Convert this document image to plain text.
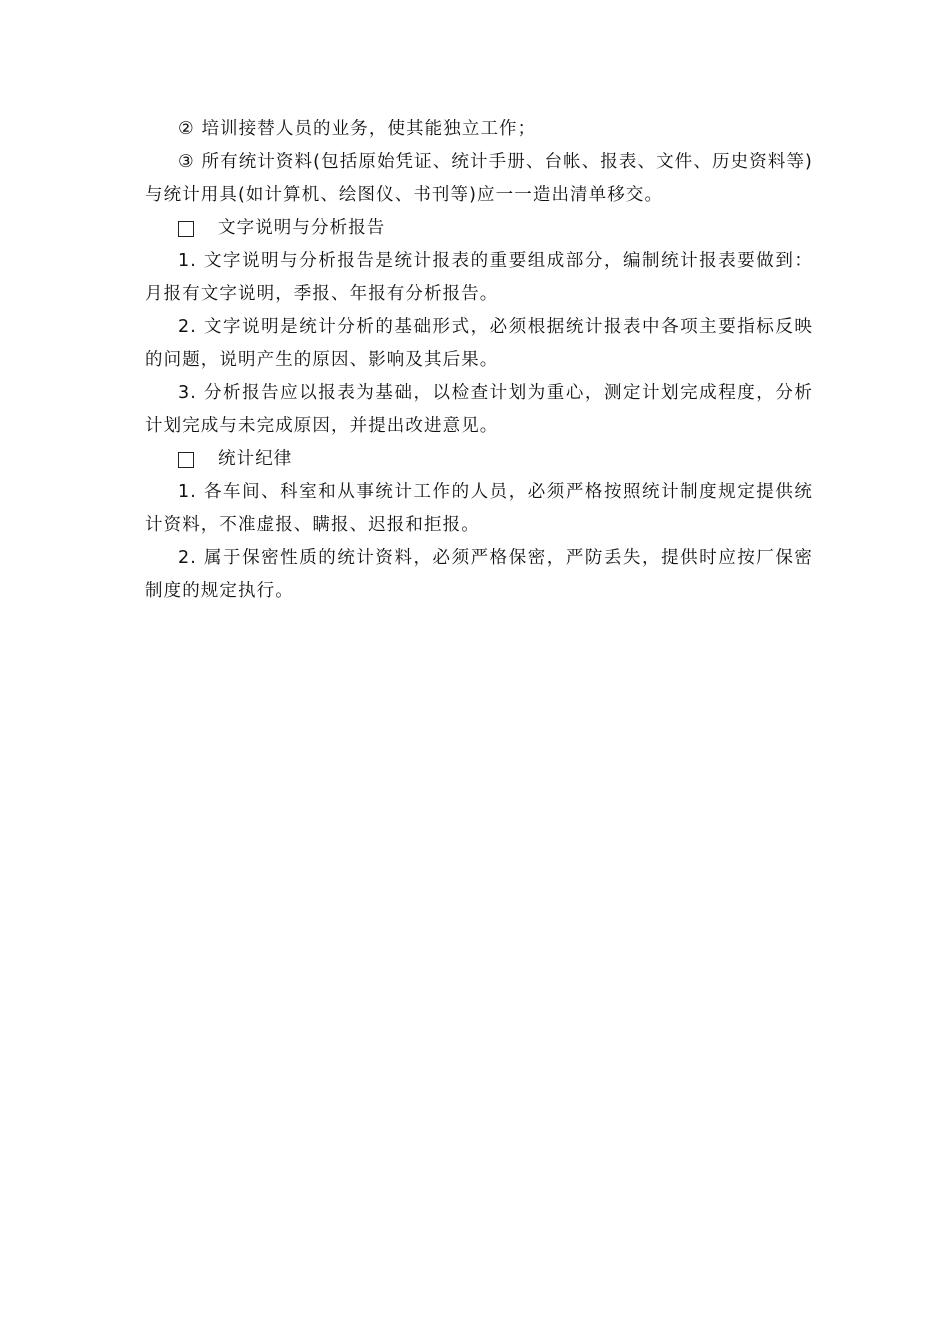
② 培训接替人员的业务，使其能独立工作；

③ 所有统计资料(包括原始凭证、统计手册、台帐、报表、文件、历史资料等)与统计用具(如计算机、绘图仪、书刊等)应一一造出清单移交。

文字说明与分析报告

1. 文字说明与分析报告是统计报表的重要组成部分，编制统计报表要做到：月报有文字说明，季报、年报有分析报告。

2. 文字说明是统计分析的基础形式，必须根据统计报表中各项主要指标反映的问题，说明产生的原因、影响及其后果。

3. 分析报告应以报表为基础，以检查计划为重心，测定计划完成程度，分析计划完成与未完成原因，并提出改进意见。

统计纪律

1. 各车间、科室和从事统计工作的人员，必须严格按照统计制度规定提供统计资料，不准虚报、瞒报、迟报和拒报。

2. 属于保密性质的统计资料，必须严格保密，严防丢失，提供时应按厂保密制度的规定执行。
